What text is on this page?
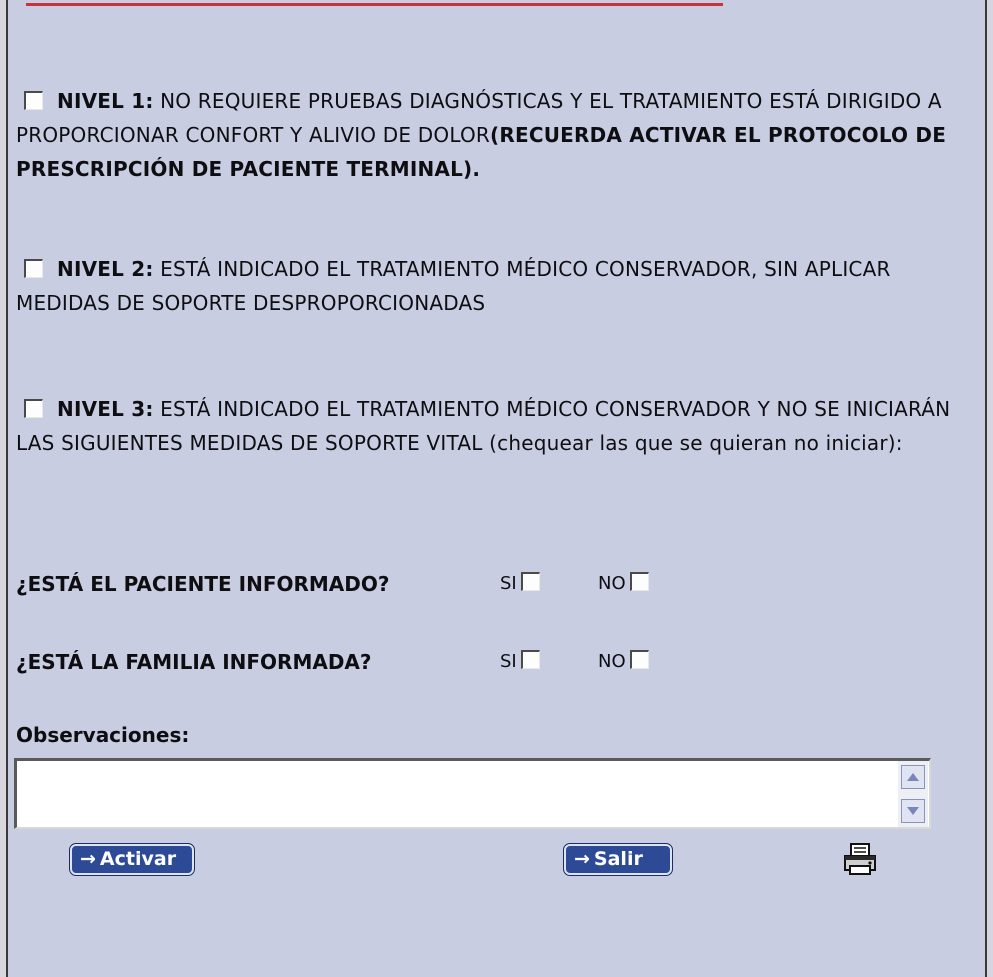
NIVEL 1: NO REQUIERE PRUEBAS DIAGNÓSTICAS Y EL TRATAMIENTO ESTÁ DIRIGIDO A PROPORCIONAR CONFORT Y ALIVIO DE DOLOR(RECUERDA ACTIVAR EL PROTOCOLO DE PRESCRIPCIÓN DE PACIENTE TERMINAL).
NIVEL 2: ESTÁ INDICADO EL TRATAMIENTO MÉDICO CONSERVADOR, SIN APLICAR MEDIDAS DE SOPORTE DESPROPORCIONADAS
NIVEL 3: ESTÁ INDICADO EL TRATAMIENTO MÉDICO CONSERVADOR Y NO SE INICIARÁN LAS SIGUIENTES MEDIDAS DE SOPORTE VITAL (chequear las que se quieran no iniciar):
¿ESTÁ EL PACIENTE INFORMADO?	SI	NO
¿ESTÁ LA FAMILIA INFORMADA?	SI	NO
Observaciones:
→ Activar	→ Salir
